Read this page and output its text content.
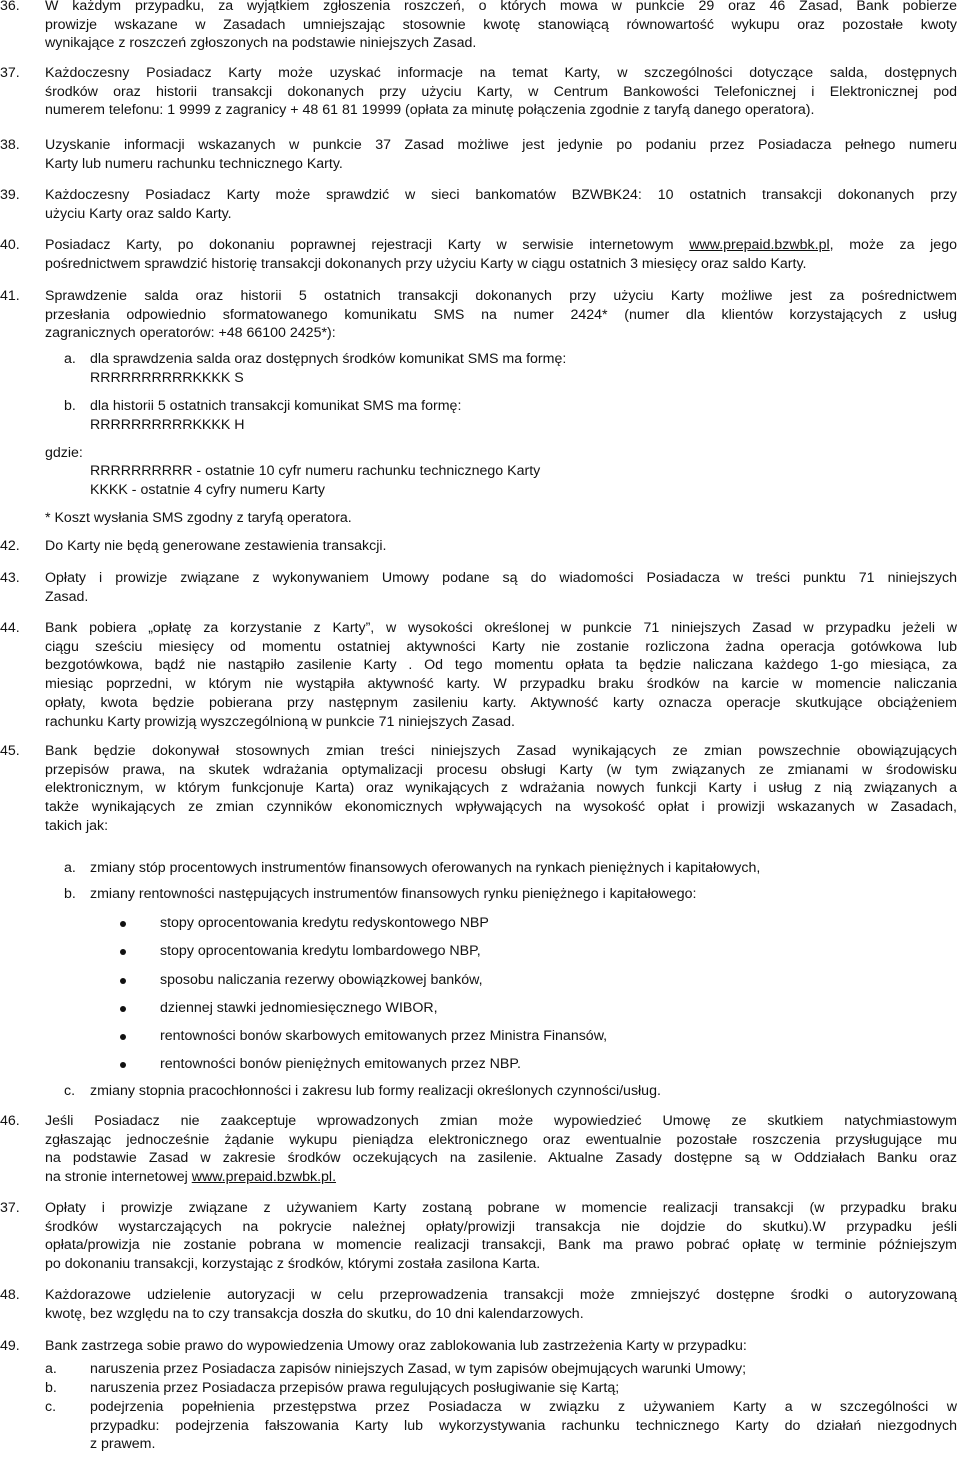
36.	W każdym przypadku, za wyjątkiem zgłoszenia roszczeń, o których mowa w punkcie 29 oraz 46 Zasad, Bank pobierze
prowizje wskazane w Zasadach umniejszając stosownie kwotę stanowiącą równowartość wykupu oraz pozostałe kwoty
wynikające z roszczeń zgłoszonych na podstawie niniejszych Zasad.
37.	Każdoczesny Posiadacz Karty może uzyskać informacje na temat Karty, w szczególności dotyczące salda, dostępnych
środków oraz historii transakcji dokonanych przy użyciu Karty, w Centrum Bankowości Telefonicznej i Elektronicznej pod
numerem telefonu: 1 9999 z zagranicy + 48 61 81 19999 (opłata za minutę połączenia zgodnie z taryfą danego operatora).
38.	Uzyskanie informacji wskazanych w punkcie 37 Zasad możliwe jest jedynie po podaniu przez Posiadacza pełnego numeru
Karty lub numeru rachunku technicznego Karty.
39.	Każdoczesny Posiadacz Karty może sprawdzić w sieci bankomatów BZWBK24: 10 ostatnich transakcji dokonanych przy
użyciu Karty oraz saldo Karty.
40.	Posiadacz Karty, po dokonaniu poprawnej rejestracji Karty w serwisie internetowym www.prepaid.bzwbk.pl, może za jego
pośrednictwem sprawdzić historię transakcji dokonanych przy użyciu Karty w ciągu ostatnich 3 miesięcy oraz saldo Karty.
41.	Sprawdzenie salda oraz historii 5 ostatnich transakcji dokonanych przy użyciu Karty możliwe jest za pośrednictwem
przesłania odpowiednio sformatowanego komunikatu SMS na numer 2424* (numer dla klientów korzystających z usług
zagranicznych operatorów: +48 66100 2425*):
a. dla sprawdzenia salda oraz dostępnych środków komunikat SMS ma formę:
RRRRRRRRRRKKKK S
b. dla historii 5 ostatnich transakcji komunikat SMS ma formę:
RRRRRRRRRRKKKK H
gdzie:
RRRRRRRRRR - ostatnie 10 cyfr numeru rachunku technicznego Karty
KKKK - ostatnie 4 cyfry numeru Karty
* Koszt wysłania SMS zgodny z taryfą operatora.
42.	Do Karty nie będą generowane zestawienia transakcji.
43.	Opłaty i prowizje związane z wykonywaniem Umowy podane są do wiadomości Posiadacza w treści punktu 71 niniejszych
Zasad.
44.	Bank pobiera „opłatę za korzystanie z Karty”, w wysokości określonej w punkcie 71 niniejszych Zasad w przypadku jeżeli w
ciągu sześciu miesięcy od momentu ostatniej aktywności Karty nie zostanie rozliczona żadna operacja gotówkowa lub
bezgotówkowa, bądź nie nastąpiło zasilenie Karty . Od tego momentu opłata ta będzie naliczana każdego 1-go miesiąca, za
miesiąc poprzedni, w którym nie wystąpiła aktywność karty. W przypadku braku środków na karcie w momencie naliczania
opłaty, kwota będzie pobierana przy następnym zasileniu karty. Aktywność karty oznacza operacje skutkujące obciążeniem
rachunku Karty prowizją wyszczególnioną w punkcie 71 niniejszych Zasad.
45.	Bank będzie dokonywał stosownych zmian treści niniejszych Zasad wynikających ze zmian powszechnie obowiązujących
przepisów prawa, na skutek wdrażania optymalizacji procesu obsługi Karty (w tym związanych ze zmianami w środowisku
elektronicznym, w którym funkcjonuje Karta) oraz wynikających z wdrażania nowych funkcji Karty i usług z nią związanych a
także wynikających ze zmian czynników ekonomicznych wpływających na wysokość opłat i prowizji wskazanych w Zasadach,
takich jak:
a. zmiany stóp procentowych instrumentów finansowych oferowanych na rynkach pieniężnych i kapitałowych,
b. zmiany rentowności następujących instrumentów finansowych rynku pieniężnego i kapitałowego:
stopy oprocentowania kredytu redyskontowego NBP
stopy oprocentowania kredytu lombardowego NBP,
sposobu naliczania rezerwy obowiązkowej banków,
dziennej stawki jednomiesięcznego WIBOR,
rentowności bonów skarbowych emitowanych przez Ministra Finansów,
rentowności bonów pieniężnych emitowanych przez NBP.
c. zmiany stopnia pracochłonności i zakresu lub formy realizacji określonych czynności/usług.
46.	Jeśli Posiadacz nie zaakceptuje wprowadzonych zmian może wypowiedzieć Umowę ze skutkiem natychmiastowym
zgłaszając jednocześnie żądanie wykupu pieniądza elektronicznego oraz ewentualnie pozostałe roszczenia przysługujące mu
na podstawie Zasad w zakresie środków oczekujących na zasilenie. Aktualne Zasady dostępne są w Oddziałach Banku oraz
na stronie internetowej www.prepaid.bzwbk.pl.
37.	Opłaty i prowizje związane z używaniem Karty zostaną pobrane w momencie realizacji transakcji (w przypadku braku
środków wystarczających na pokrycie należnej opłaty/prowizji transakcja nie dojdzie do skutku).W przypadku jeśli
opłata/prowizja nie zostanie pobrana w momencie realizacji transakcji, Bank ma prawo pobrać opłatę w terminie późniejszym
po dokonaniu transakcji, korzystając z środków, którymi została zasilona Karta.
48.	Każdorazowe udzielenie autoryzacji w celu przeprowadzenia transakcji może zmniejszyć dostępne środki o autoryzowaną
kwotę, bez względu na to czy transakcja doszła do skutku, do 10 dni kalendarzowych.
49.	Bank zastrzega sobie prawo do wypowiedzenia Umowy oraz zablokowania lub zastrzeżenia Karty w przypadku:
a. naruszenia przez Posiadacza zapisów niniejszych Zasad, w tym zapisów obejmujących warunki Umowy;
b. naruszenia przez Posiadacza przepisów prawa regulujących posługiwanie się Kartą;
c. podejrzenia popełnienia przestępstwa przez Posiadacza w związku z używaniem Karty a w szczególności w
przypadku: podejrzenia fałszowania Karty lub wykorzystywania rachunku technicznego Karty do działań niezgodnych
z prawem.
